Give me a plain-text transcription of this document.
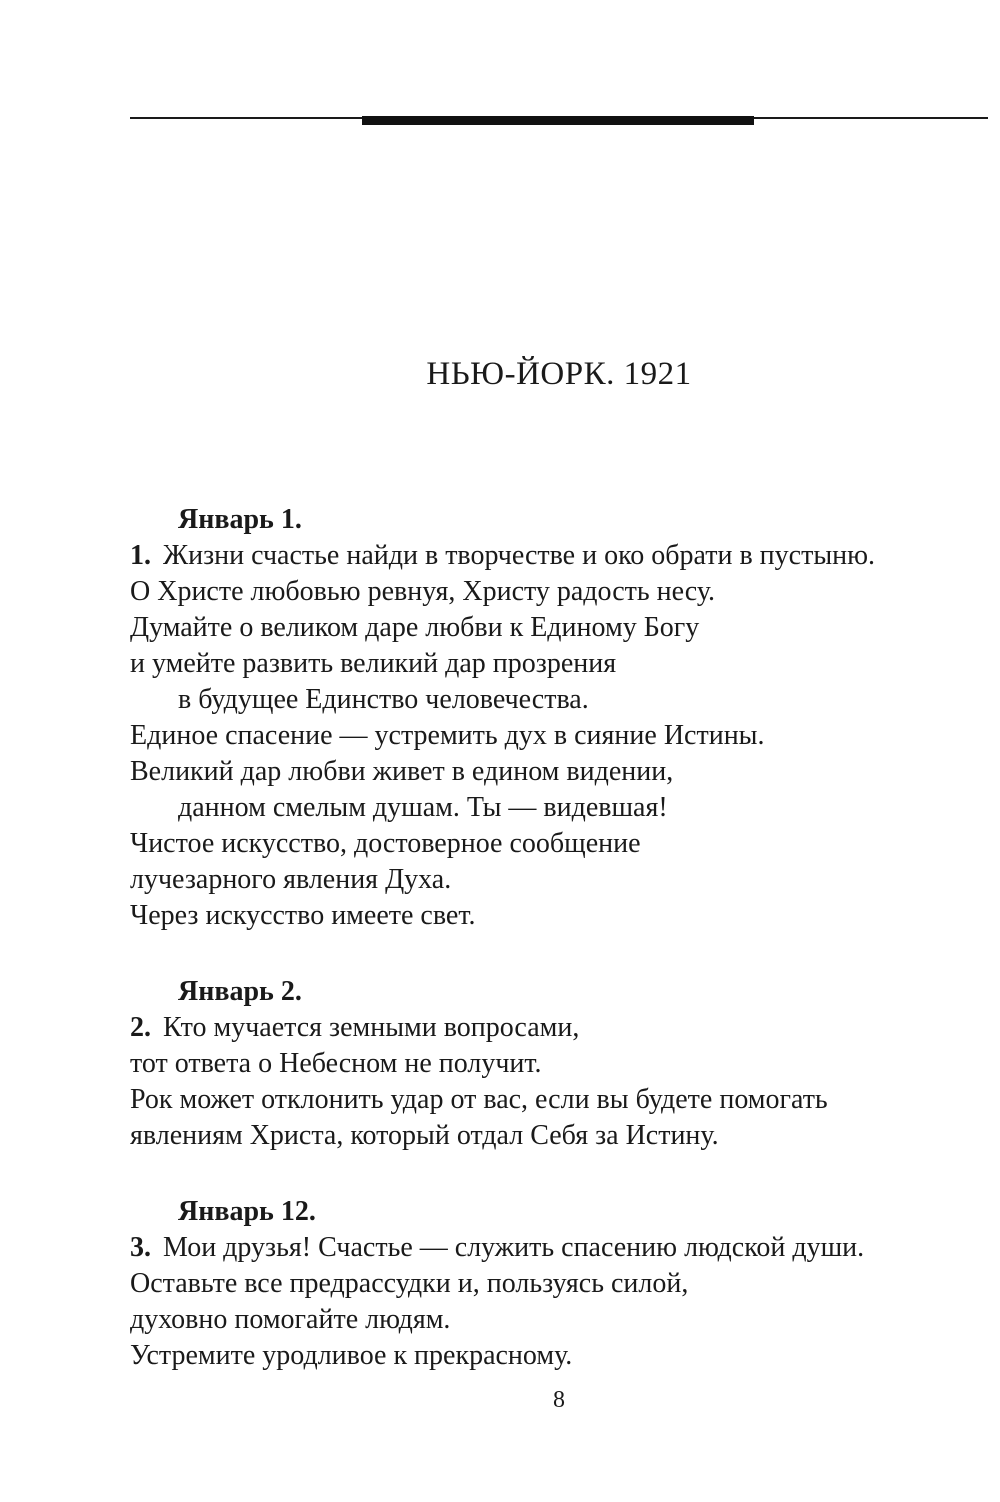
НЬЮ-ЙОРК. 1921
Январь 1.
1. Жизни счастье найди в творчестве и око обрати в пустыню.
О Христе любовью ревнуя, Христу радость несу.
Думайте о великом даре любви к Единому Богу
и умейте развить великий дар прозрения
в будущее Единство человечества.
Единое спасение — устремить дух в сияние Истины.
Великий дар любви живет в едином видении,
данном смелым душам. Ты — видевшая!
Чистое искусство, достоверное сообщение
лучезарного явления Духа.
Через искусство имеете свет.
Январь 2.
2. Кто мучается земными вопросами,
тот ответа о Небесном не получит.
Рок может отклонить удар от вас, если вы будете помогать
явлениям Христа, который отдал Себя за Истину.
Январь 12.
3. Мои друзья! Счастье — служить спасению людской души.
Оставьте все предрассудки и, пользуясь силой,
духовно помогайте людям.
Устремите уродливое к прекрасному.
8
